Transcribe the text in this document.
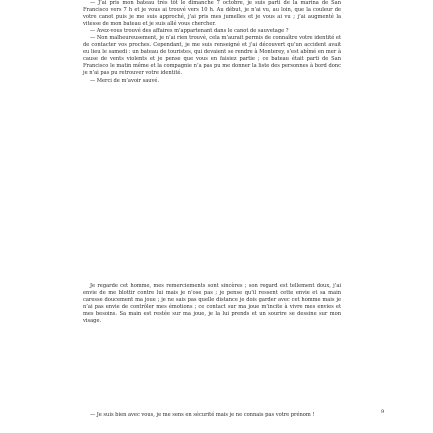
— J’ai pris mon bateau très tôt le dimanche 7 octobre, je suis parti de la marina de San Francisco vers 7 h et je vous ai trouvé vers 10 h. Au début, je n’ai vu, au loin, que la couleur de votre canot puis je me suis approché, j’ai pris mes jumelles et je vous ai vu ; j’ai augmenté la vitesse de mon bateau et je suis allé vous chercher.

— Avez-vous trouvé des affaires m’appartenant dans le canot de sauvetage ?

— Non malheureusement, je n’ai rien trouvé, cela m’aurait permis de connaître votre identité et de contacter vos proches. Cependant, je me suis renseigné et j’ai découvert qu’un accident avait eu lieu le samedi : un bateau de touristes, qui devaient se rendre à Monterey, s’est abîmé en mer à cause de vents violents et je pense que vous en faisiez partie ; ce bateau était parti de San Francisco le matin même et la compagnie n’a pas pu me donner la liste des personnes à bord donc je n’ai pas pu retrouver votre identité.

— Merci de m’avoir sauvé.

Je regarde cet homme, mes remerciements sont sincères ; son regard est tellement doux, j’ai envie de me blottir contre lui mais je n’ose pas ; je pense qu’il ressent cette envie et sa main caresse doucement ma joue ; je ne sais pas quelle distance je dois garder avec cet homme mais je n’ai pas envie de contrôler mes émotions ; ce contact sur ma joue m’incite à vivre mes envies et mes besoins. Sa main est restée sur ma joue, je la lui prends et un sourire se dessine sur mon visage.

— Je suis bien avec vous, je me sens en sécurité mais je ne connais pas votre prénom !	9
